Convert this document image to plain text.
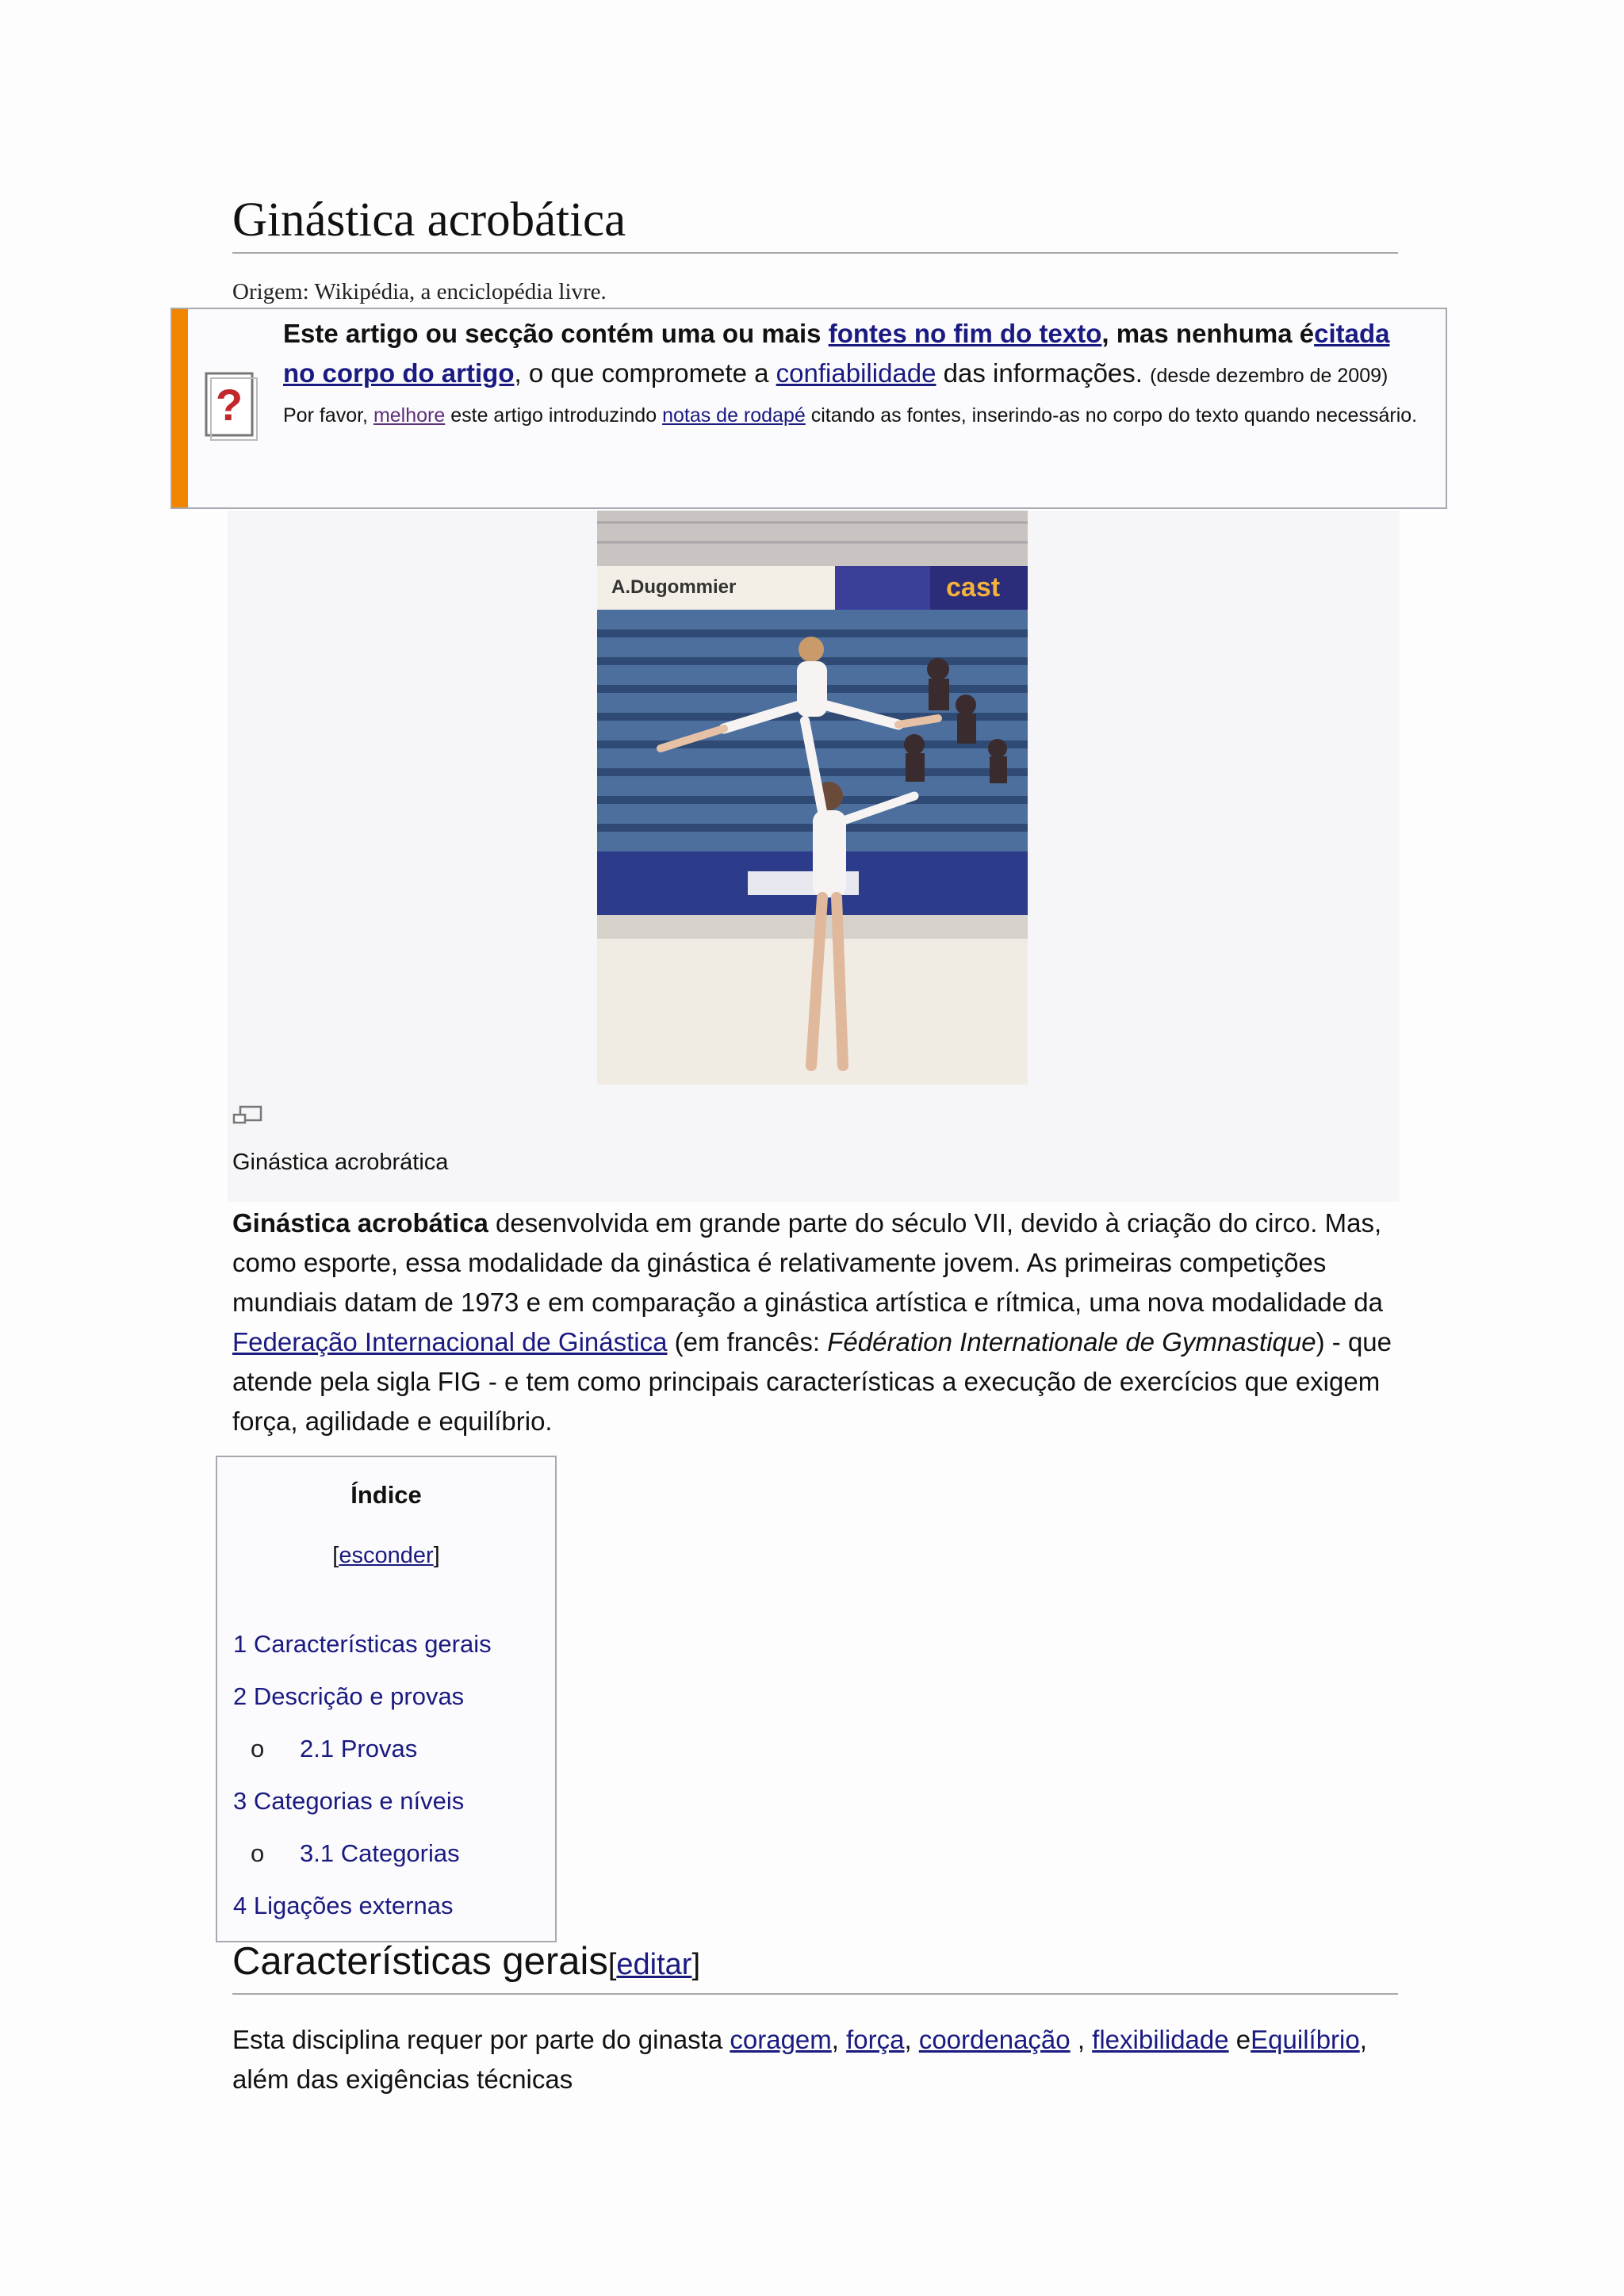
Ginástica acrobática
Origem: Wikipédia, a enciclopédia livre.
?
Este artigo ou secção contém uma ou mais fontes no fim do texto, mas nenhuma écitada no corpo do artigo, o que compromete a confiabilidade das informações. (desde dezembro de 2009)
Por favor, melhore este artigo introduzindo notas de rodapé citando as fontes, inserindo-as no corpo do texto quando necessário.
A.Dugommier	cast
Ginástica acrobrática

Ginástica acrobática desenvolvida em grande parte do século VII, devido à criação do circo. Mas, como esporte, essa modalidade da ginástica é relativamente jovem. As primeiras competições mundiais datam de 1973 e em comparação a ginástica artística e rítmica, uma nova modalidade da Federação Internacional de Ginástica (em francês: Fédération Internationale de Gymnastique) - que atende pela sigla FIG - e tem como principais características a execução de exercícios que exigem força, agilidade e equilíbrio.

Índice
[esconder]
1 Características gerais
2 Descrição e provas
o 2.1 Provas
3 Categorias e níveis
o 3.1 Categorias
4 Ligações externas
Características gerais[editar]

Esta disciplina requer por parte do ginasta coragem, força, coordenação , flexibilidade eEquilíbrio, além das exigências técnicas
